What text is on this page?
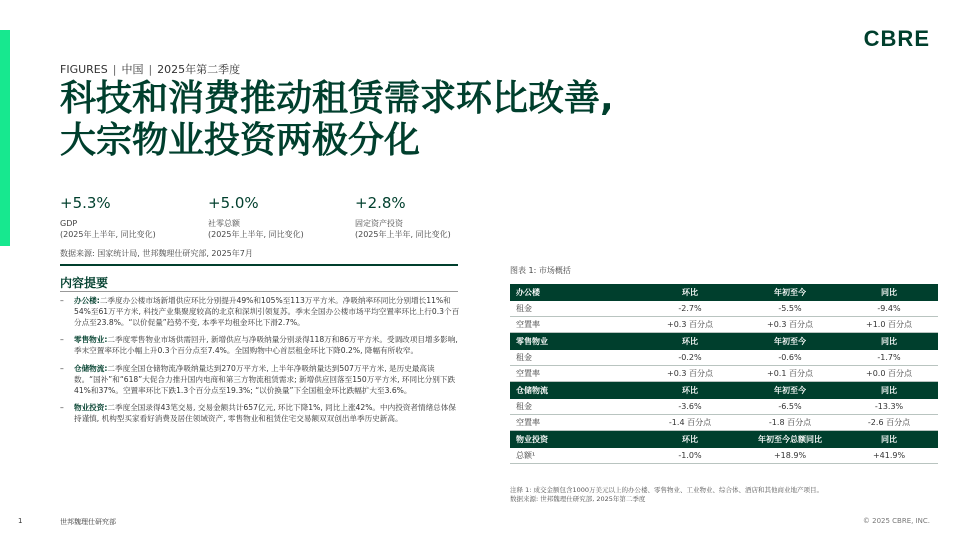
CBRE
FIGURES | 中国 | 2025年第二季度
科技和消费推动租赁需求环比改善,
大宗物业投资两极分化
+5.3%
GDP
(2025年上半年, 同比变化)
+5.0%
社零总额
(2025年上半年, 同比变化)
+2.8%
固定资产投资
(2025年上半年, 同比变化)
数据来源: 国家统计局, 世邦魏理仕研究部, 2025年7月
内容提要
– 办公楼:二季度办公楼市场新增供应环比分别提升49%和105%至113万平方米。净吸纳率环同比分别增长11%和54%至61万平方米, 科技产业集聚度较高的北京和深圳引领复苏。季末全国办公楼市场平均空置率环比上行0.3个百分点至23.8%。“以价促量”趋势不变, 本季平均租金环比下滑2.7%。
– 零售物业:二季度零售物业市场供需回升, 新增供应与净吸纳量分别录得118万和86万平方米。受调改项目增多影响, 季末空置率环比小幅上升0.3个百分点至7.4%。全国购物中心首层租金环比下降0.2%, 降幅有所收窄。
– 仓储物流:二季度全国仓储物流净吸纳量达到270万平方米, 上半年净吸纳量达到507万平方米, 是历史最高读数。“国补”和“618”大促合力推升国内电商和第三方物流租赁需求; 新增供应回落至150万平方米, 环同比分别下跌41%和37%。空置率环比下跌1.3个百分点至19.3%; “以价换量”下全国租金环比跌幅扩大至3.6%。
– 物业投资:二季度全国录得43笔交易, 交易金额共计657亿元, 环比下降1%, 同比上涨42%。中内投资者情绪总体保持谨慎, 机构型买家看好消费及居住领域资产, 零售物业和租赁住宅交易额双双创出单季历史新高。
图表 1: 市场概括
办公楼	环比	年初至今	同比
租金	-2.7%	-5.5%	-9.4%
空置率	+0.3 百分点	+0.3 百分点	+1.0 百分点
零售物业	环比	年初至今	同比
租金	-0.2%	-0.6%	-1.7%
空置率	+0.3 百分点	+0.1 百分点	+0.0 百分点
仓储物流	环比	年初至今	同比
租金	-3.6%	-6.5%	-13.3%
空置率	-1.4 百分点	-1.8 百分点	-2.6 百分点
物业投资	环比	年初至今总额同比	同比
总额¹	-1.0%	+18.9%	+41.9%
注释 1: 成交金额包含1000万美元以上的办公楼、零售物业、工业物业、综合体、酒店和其他商业地产项目。
数据来源: 世邦魏理仕研究部, 2025年第二季度
1	世邦魏理仕研究部	© 2025 CBRE, INC.
